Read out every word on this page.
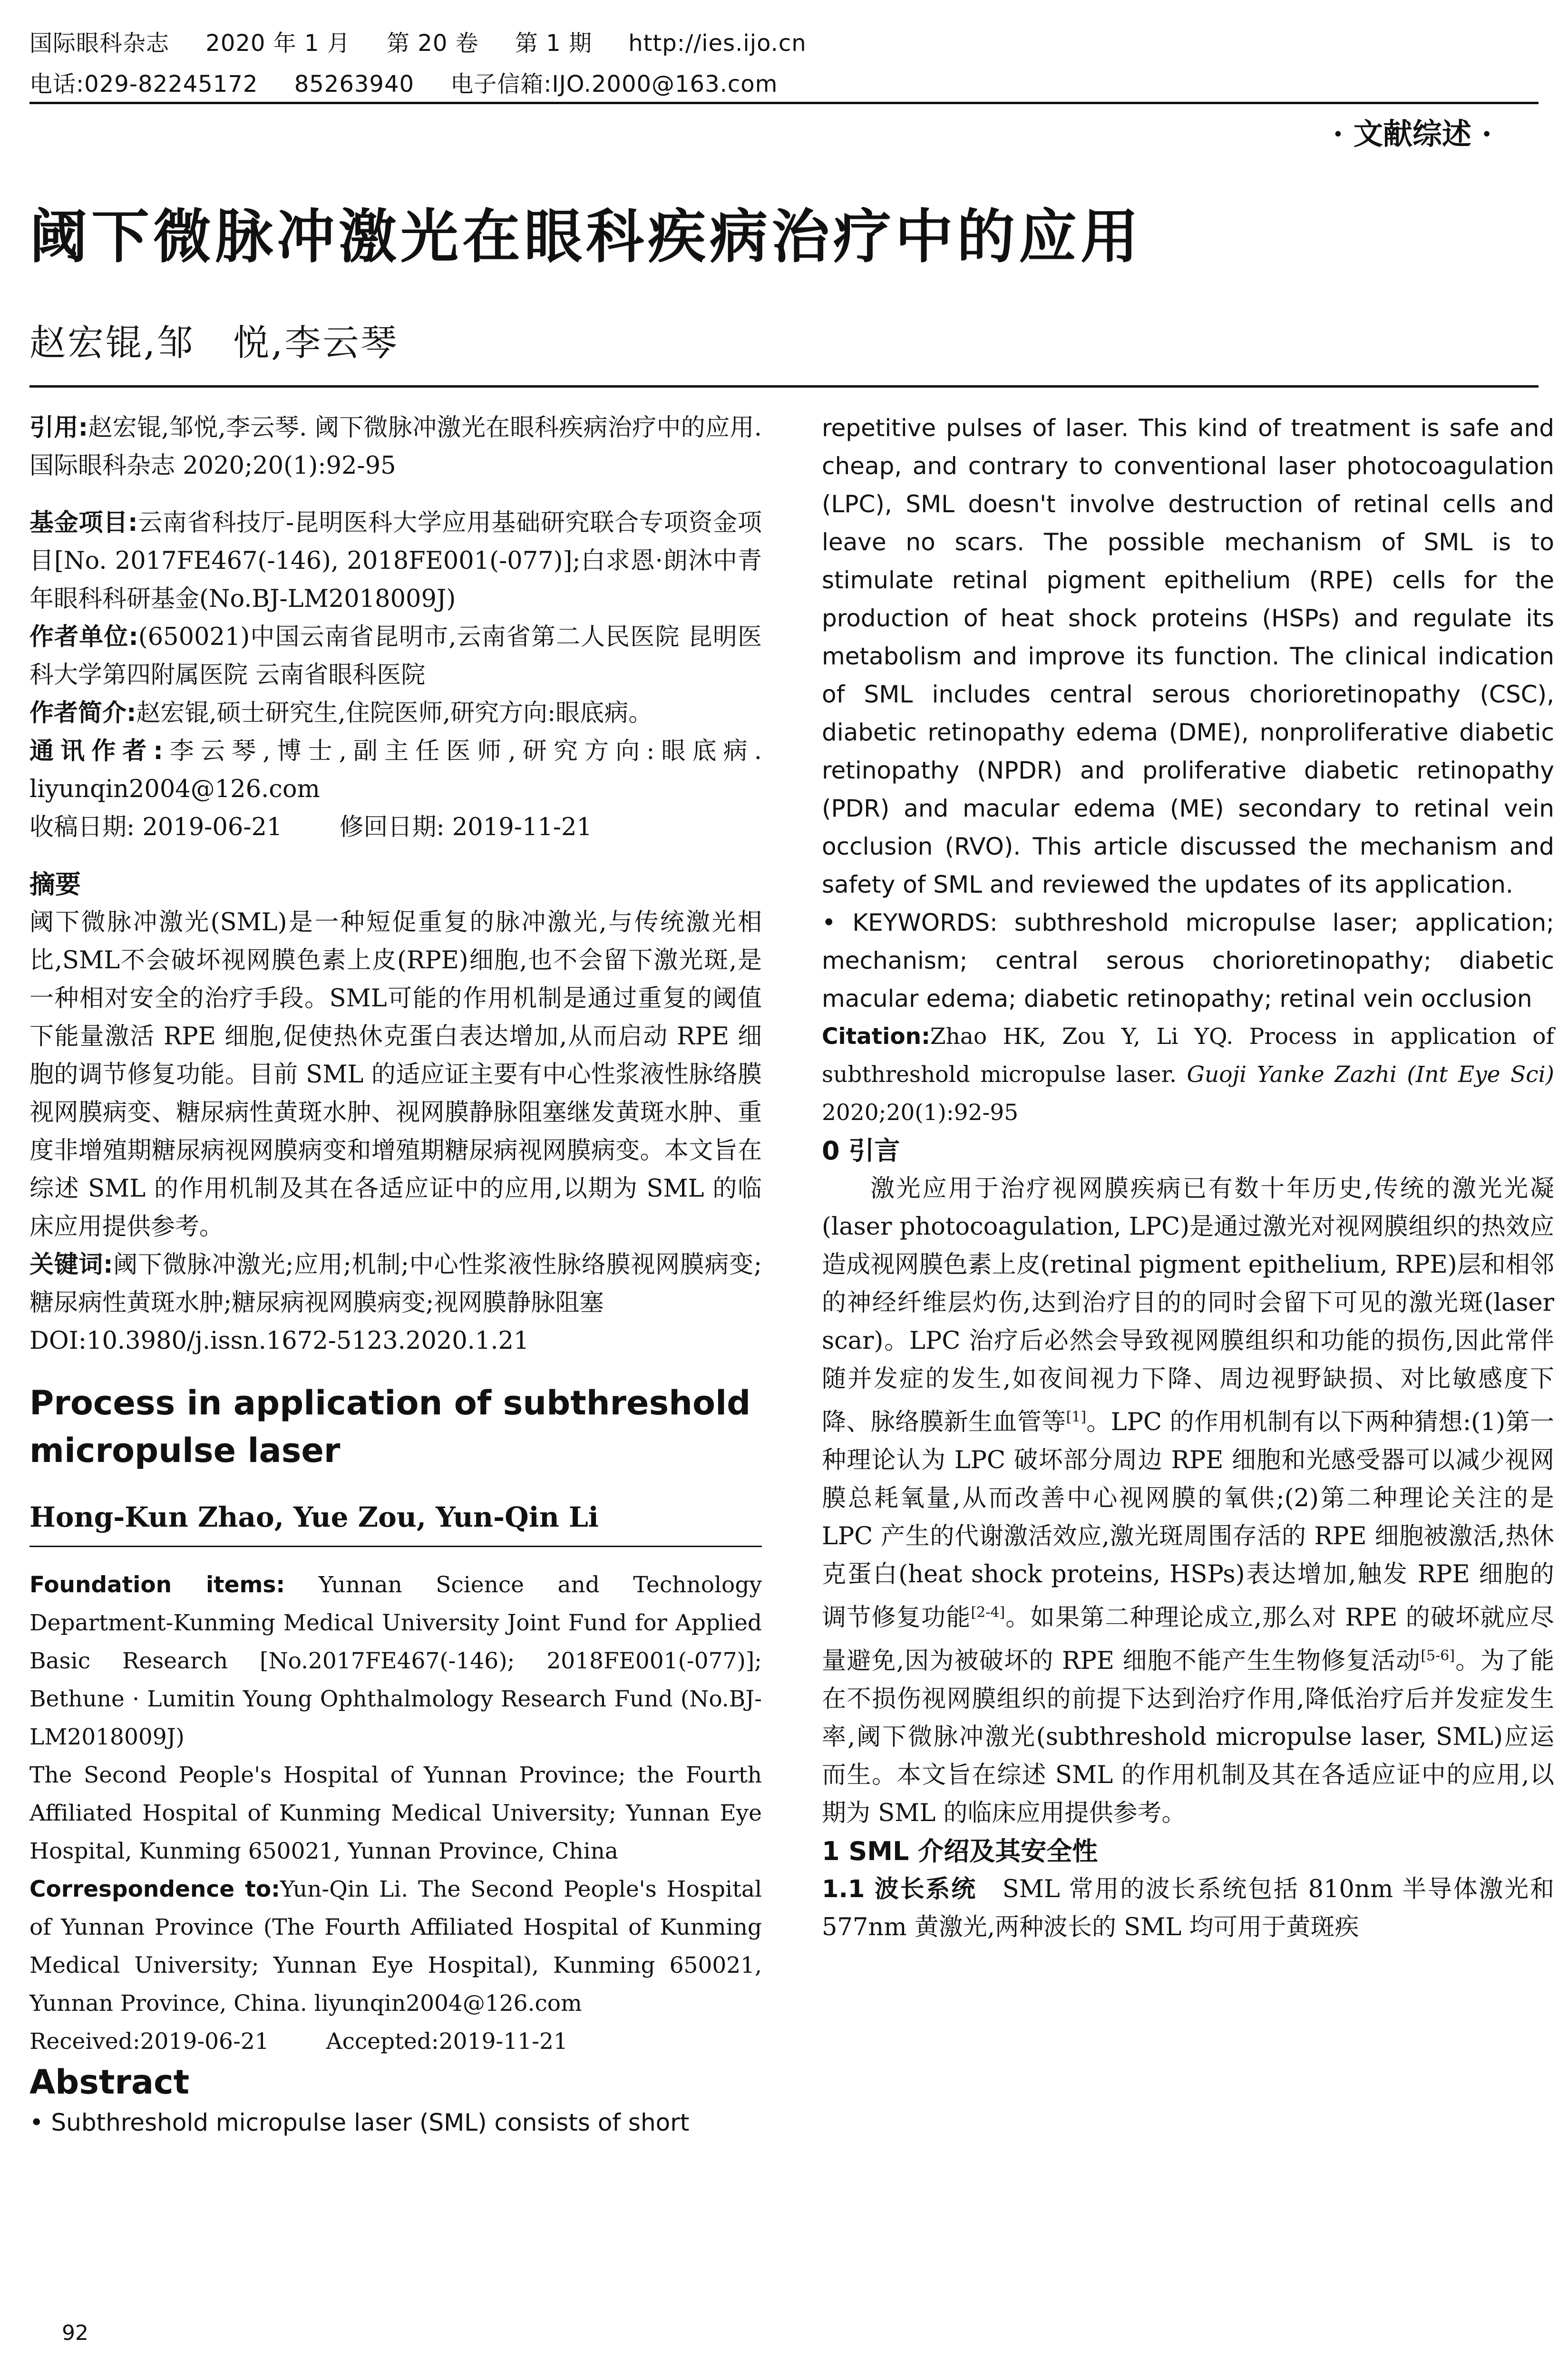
国际眼科杂志 2020 年 1 月 第 20 卷 第 1 期 http://ies.ijo.cn
电话:029-82245172 85263940 电子信箱:IJO.2000@163.com
· 文献综述 ·
阈下微脉冲激光在眼科疾病治疗中的应用
赵宏锟,邹　悦,李云琴

引用:赵宏锟,邹悦,李云琴. 阈下微脉冲激光在眼科疾病治疗中的应用.国际眼科杂志 2020;20(1):92-95

基金项目:云南省科技厅-昆明医科大学应用基础研究联合专项资金项目[No. 2017FE467(-146), 2018FE001(-077)];白求恩·朗沐中青年眼科科研基金(No.BJ-LM2018009J)

作者单位:(650021)中国云南省昆明市,云南省第二人民医院 昆明医科大学第四附属医院 云南省眼科医院

作者简介:赵宏锟,硕士研究生,住院医师,研究方向:眼底病。

通讯作者:李云琴,博士,副主任医师,研究方向:眼底病. liyunqin2004@126.com

收稿日期: 2019-06-21 修回日期: 2019-11-21

摘要

阈下微脉冲激光(SML)是一种短促重复的脉冲激光,与传统激光相比,SML不会破坏视网膜色素上皮(RPE)细胞,也不会留下激光斑,是一种相对安全的治疗手段。SML可能的作用机制是通过重复的阈值下能量激活 RPE 细胞,促使热休克蛋白表达增加,从而启动 RPE 细胞的调节修复功能。目前 SML 的适应证主要有中心性浆液性脉络膜视网膜病变、糖尿病性黄斑水肿、视网膜静脉阻塞继发黄斑水肿、重度非增殖期糖尿病视网膜病变和增殖期糖尿病视网膜病变。本文旨在综述 SML 的作用机制及其在各适应证中的应用,以期为 SML 的临床应用提供参考。

关键词:阈下微脉冲激光;应用;机制;中心性浆液性脉络膜视网膜病变;糖尿病性黄斑水肿;糖尿病视网膜病变;视网膜静脉阻塞

DOI:10.3980/j.issn.1672-5123.2020.1.21

Process in application of subthreshold micropulse laser

Hong-Kun Zhao, Yue Zou, Yun-Qin Li

Foundation items: Yunnan Science and Technology Department-Kunming Medical University Joint Fund for Applied Basic Research [No.2017FE467(-146); 2018FE001(-077)]; Bethune · Lumitin Young Ophthalmology Research Fund (No.BJ-LM2018009J)

The Second People's Hospital of Yunnan Province; the Fourth Affiliated Hospital of Kunming Medical University; Yunnan Eye Hospital, Kunming 650021, Yunnan Province, China

Correspondence to:Yun-Qin Li. The Second People's Hospital of Yunnan Province (The Fourth Affiliated Hospital of Kunming Medical University; Yunnan Eye Hospital), Kunming 650021, Yunnan Province, China. liyunqin2004@126.com

Received:2019-06-21	Accepted:2019-11-21

Abstract

• Subthreshold micropulse laser (SML) consists of short

repetitive pulses of laser. This kind of treatment is safe and cheap, and contrary to conventional laser photocoagulation (LPC), SML doesn't involve destruction of retinal cells and leave no scars. The possible mechanism of SML is to stimulate retinal pigment epithelium (RPE) cells for the production of heat shock proteins (HSPs) and regulate its metabolism and improve its function. The clinical indication of SML includes central serous chorioretinopathy (CSC), diabetic retinopathy edema (DME), nonproliferative diabetic retinopathy (NPDR) and proliferative diabetic retinopathy (PDR) and macular edema (ME) secondary to retinal vein occlusion (RVO). This article discussed the mechanism and safety of SML and reviewed the updates of its application.

• KEYWORDS: subthreshold micropulse laser; application; mechanism; central serous chorioretinopathy; diabetic macular edema; diabetic retinopathy; retinal vein occlusion

Citation:Zhao HK, Zou Y, Li YQ. Process in application of subthreshold micropulse laser. Guoji Yanke Zazhi (Int Eye Sci) 2020;20(1):92-95

0 引言

激光应用于治疗视网膜疾病已有数十年历史,传统的激光光凝(laser photocoagulation, LPC)是通过激光对视网膜组织的热效应造成视网膜色素上皮(retinal pigment epithelium, RPE)层和相邻的神经纤维层灼伤,达到治疗目的的同时会留下可见的激光斑(laser scar)。LPC 治疗后必然会导致视网膜组织和功能的损伤,因此常伴随并发症的发生,如夜间视力下降、周边视野缺损、对比敏感度下降、脉络膜新生血管等[1]。LPC 的作用机制有以下两种猜想:(1)第一种理论认为 LPC 破坏部分周边 RPE 细胞和光感受器可以减少视网膜总耗氧量,从而改善中心视网膜的氧供;(2)第二种理论关注的是 LPC 产生的代谢激活效应,激光斑周围存活的 RPE 细胞被激活,热休克蛋白(heat shock proteins, HSPs)表达增加,触发 RPE 细胞的调节修复功能[2-4]。如果第二种理论成立,那么对 RPE 的破坏就应尽量避免,因为被破坏的 RPE 细胞不能产生生物修复活动[5-6]。为了能在不损伤视网膜组织的前提下达到治疗作用,降低治疗后并发症发生率,阈下微脉冲激光(subthreshold micropulse laser, SML)应运而生。本文旨在综述 SML 的作用机制及其在各适应证中的应用,以期为 SML 的临床应用提供参考。

1 SML 介绍及其安全性

1.1 波长系统　 SML 常用的波长系统包括 810nm 半导体激光和 577nm 黄激光,两种波长的 SML 均可用于黄斑疾

92
